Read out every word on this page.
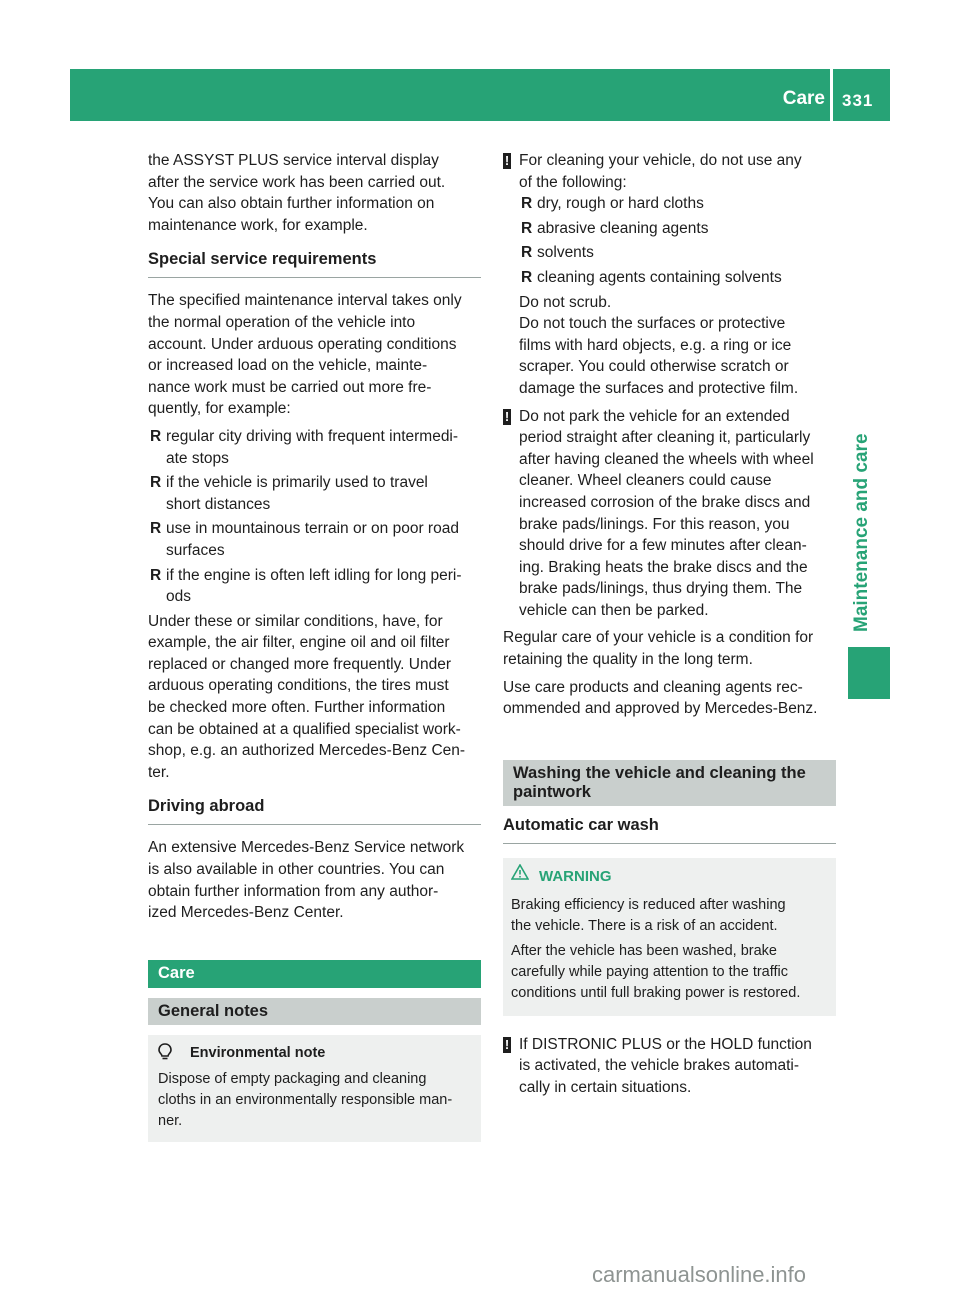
Care 331
Maintenance and care
the ASSYST PLUS service interval display
after the service work has been carried out.
You can also obtain further information on
maintenance work, for example.
Special service requirements
The specified maintenance interval takes only
the normal operation of the vehicle into
account. Under arduous operating conditions
or increased load on the vehicle, mainte-
nance work must be carried out more fre-
quently, for example:
R regular city driving with frequent intermedi-
ate stops
R if the vehicle is primarily used to travel
short distances
R use in mountainous terrain or on poor road
surfaces
R if the engine is often left idling for long peri-
ods
Under these or similar conditions, have, for
example, the air filter, engine oil and oil filter
replaced or changed more frequently. Under
arduous operating conditions, the tires must
be checked more often. Further information
can be obtained at a qualified specialist work-
shop, e.g. an authorized Mercedes-Benz Cen-
ter.
Driving abroad
An extensive Mercedes-Benz Service network
is also available in other countries. You can
obtain further information from any author-
ized Mercedes-Benz Center.
Care
General notes
Environmental note
Dispose of empty packaging and cleaning
cloths in an environmentally responsible man-
ner.
! For cleaning your vehicle, do not use any
of the following:
R dry, rough or hard cloths
R abrasive cleaning agents
R solvents
R cleaning agents containing solvents
Do not scrub.
Do not touch the surfaces or protective
films with hard objects, e.g. a ring or ice
scraper. You could otherwise scratch or
damage the surfaces and protective film.
! Do not park the vehicle for an extended
period straight after cleaning it, particularly
after having cleaned the wheels with wheel
cleaner. Wheel cleaners could cause
increased corrosion of the brake discs and
brake pads/linings. For this reason, you
should drive for a few minutes after clean-
ing. Braking heats the brake discs and the
brake pads/linings, thus drying them. The
vehicle can then be parked.
Regular care of your vehicle is a condition for
retaining the quality in the long term.
Use care products and cleaning agents rec-
ommended and approved by Mercedes-Benz.
Washing the vehicle and cleaning the
paintwork
Automatic car wash
WARNING
Braking efficiency is reduced after washing
the vehicle. There is a risk of an accident.
After the vehicle has been washed, brake
carefully while paying attention to the traffic
conditions until full braking power is restored.
! If DISTRONIC PLUS or the HOLD function
is activated, the vehicle brakes automati-
cally in certain situations.
carmanualsonline.info
